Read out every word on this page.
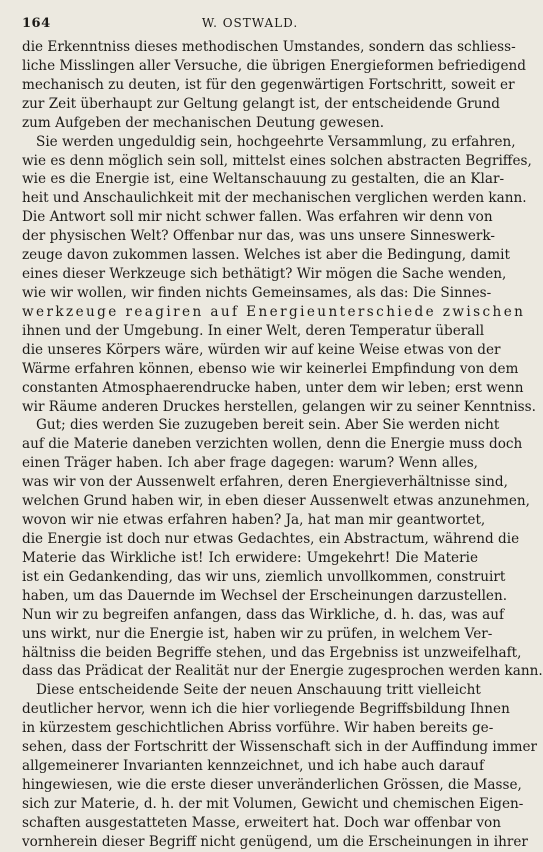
164	W. OSTWALD.
die Erkenntniss dieses methodischen Umstandes, sondern das schliess-
liche Misslingen aller Versuche, die übrigen Energieformen befriedigend
mechanisch zu deuten, ist für den gegenwärtigen Fortschritt, soweit er
zur Zeit überhaupt zur Geltung gelangt ist, der entscheidende Grund
zum Aufgeben der mechanischen Deutung gewesen.
Sie werden ungeduldig sein, hochgeehrte Versammlung, zu erfahren,
wie es denn möglich sein soll, mittelst eines solchen abstracten Begriffes,
wie es die Energie ist, eine Weltanschauung zu gestalten, die an Klar-
heit und Anschaulichkeit mit der mechanischen verglichen werden kann.
Die Antwort soll mir nicht schwer fallen. Was erfahren wir denn von
der physischen Welt? Offenbar nur das, was uns unsere Sinneswerk-
zeuge davon zukommen lassen. Welches ist aber die Bedingung, damit
eines dieser Werkzeuge sich bethätigt? Wir mögen die Sache wenden,
wie wir wollen, wir finden nichts Gemeinsames, als das: Die Sinnes-
werkzeuge reagiren auf Energieunterschiede zwischen
ihnen und der Umgebung. In einer Welt, deren Temperatur überall
die unseres Körpers wäre, würden wir auf keine Weise etwas von der
Wärme erfahren können, ebenso wie wir keinerlei Empfindung von dem
constanten Atmosphaerendrucke haben, unter dem wir leben; erst wenn
wir Räume anderen Druckes herstellen, gelangen wir zu seiner Kenntniss.
Gut; dies werden Sie zuzugeben bereit sein. Aber Sie werden nicht
auf die Materie daneben verzichten wollen, denn die Energie muss doch
einen Träger haben. Ich aber frage dagegen: warum? Wenn alles,
was wir von der Aussenwelt erfahren, deren Energieverhältnisse sind,
welchen Grund haben wir, in eben dieser Aussenwelt etwas anzunehmen,
wovon wir nie etwas erfahren haben? Ja, hat man mir geantwortet,
die Energie ist doch nur etwas Gedachtes, ein Abstractum, während die
Materie das Wirkliche ist! Ich erwidere: Umgekehrt! Die Materie
ist ein Gedankending, das wir uns, ziemlich unvollkommen, construirt
haben, um das Dauernde im Wechsel der Erscheinungen darzustellen.
Nun wir zu begreifen anfangen, dass das Wirkliche, d. h. das, was auf
uns wirkt, nur die Energie ist, haben wir zu prüfen, in welchem Ver-
hältniss die beiden Begriffe stehen, und das Ergebniss ist unzweifelhaft,
dass das Prädicat der Realität nur der Energie zugesprochen werden kann.
Diese entscheidende Seite der neuen Anschauung tritt vielleicht
deutlicher hervor, wenn ich die hier vorliegende Begriffsbildung Ihnen
in kürzestem geschichtlichen Abriss vorführe. Wir haben bereits ge-
sehen, dass der Fortschritt der Wissenschaft sich in der Auffindung immer
allgemeinerer Invarianten kennzeichnet, und ich habe auch darauf
hingewiesen, wie die erste dieser unveränderlichen Grössen, die Masse,
sich zur Materie, d. h. der mit Volumen, Gewicht und chemischen Eigen-
schaften ausgestatteten Masse, erweitert hat. Doch war offenbar von
vornherein dieser Begriff nicht genügend, um die Erscheinungen in ihrer
